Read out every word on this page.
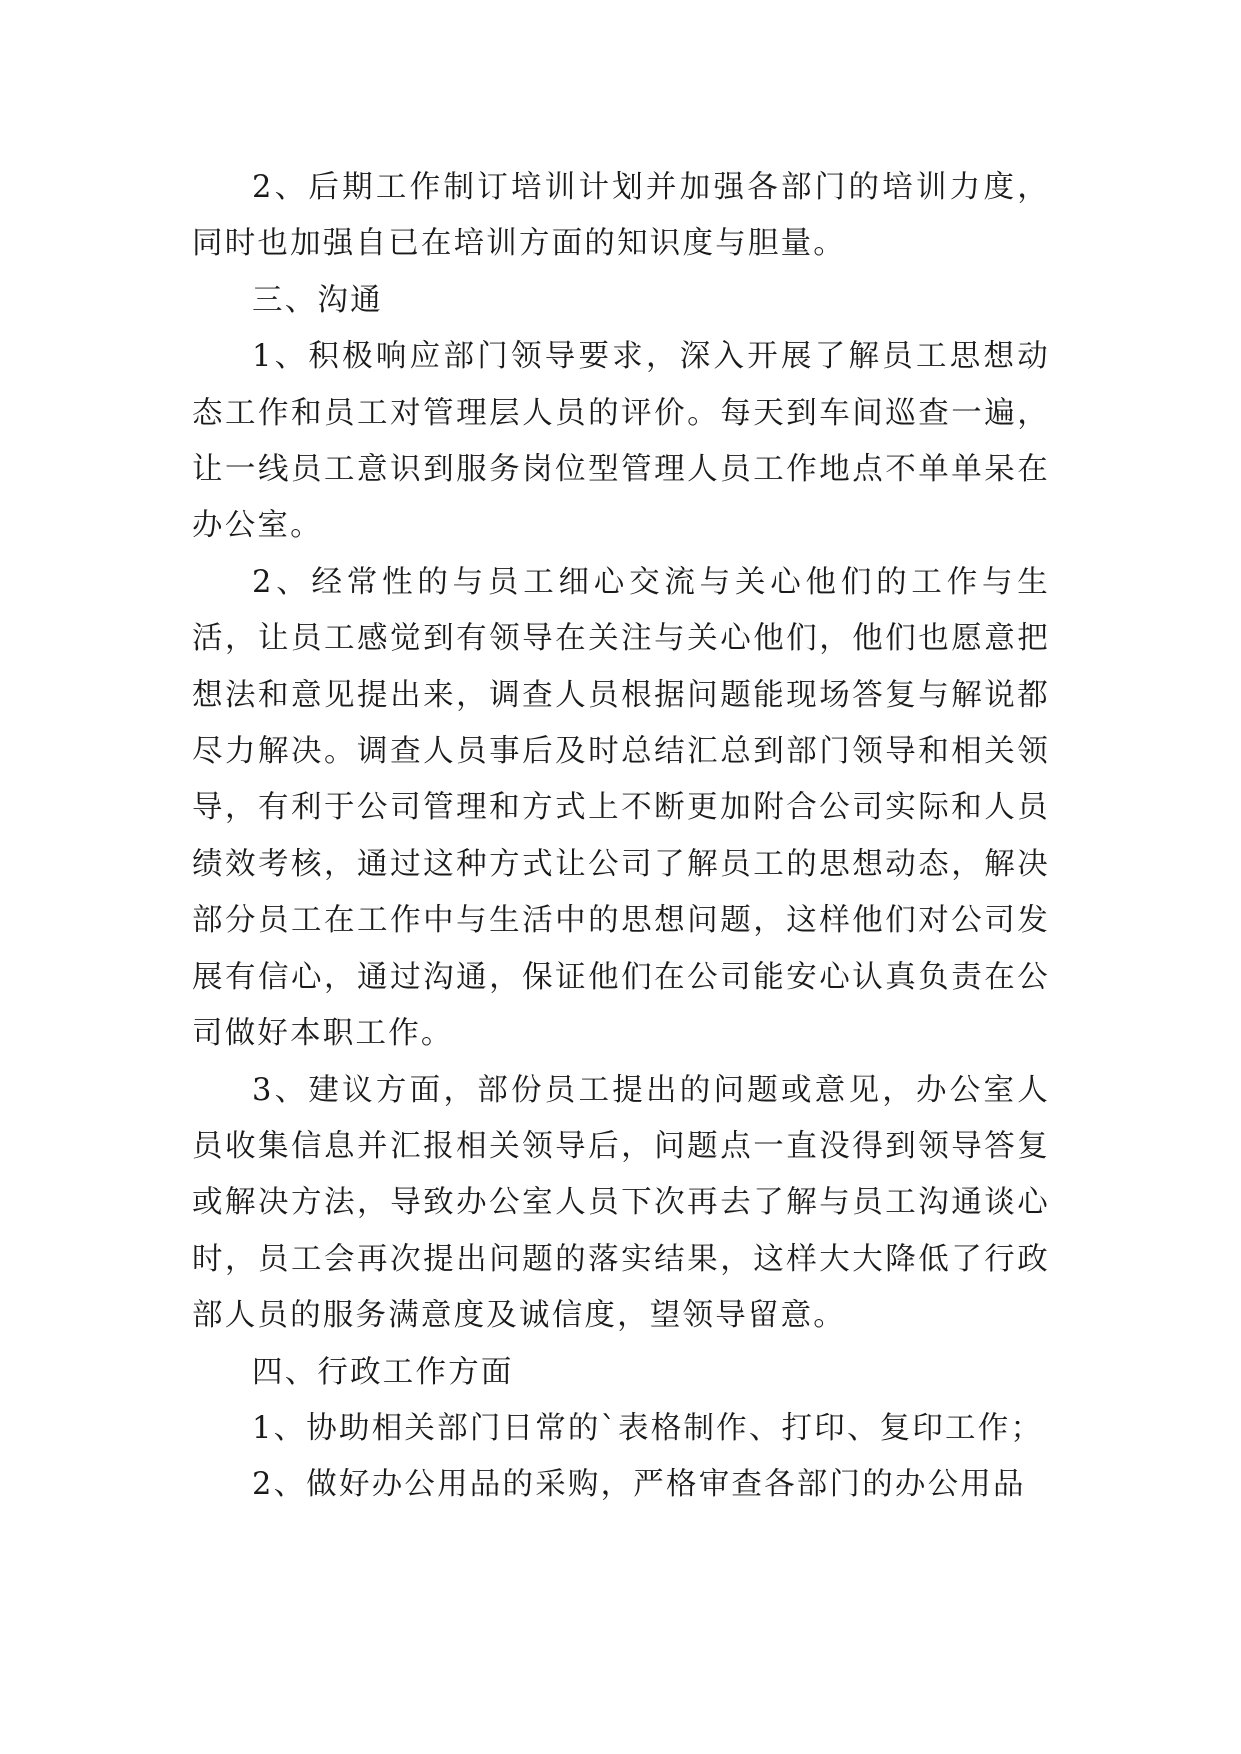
2、后期工作制订培训计划并加强各部门的培训力度，同时也加强自已在培训方面的知识度与胆量。

三、沟通

1、积极响应部门领导要求，深入开展了解员工思想动态工作和员工对管理层人员的评价。每天到车间巡查一遍，让一线员工意识到服务岗位型管理人员工作地点不单单呆在办公室。

2、经常性的与员工细心交流与关心他们的工作与生活，让员工感觉到有领导在关注与关心他们，他们也愿意把想法和意见提出来，调查人员根据问题能现场答复与解说都尽力解决。调查人员事后及时总结汇总到部门领导和相关领导，有利于公司管理和方式上不断更加附合公司实际和人员绩效考核，通过这种方式让公司了解员工的思想动态，解决部分员工在工作中与生活中的思想问题，这样他们对公司发展有信心，通过沟通，保证他们在公司能安心认真负责在公司做好本职工作。

3、建议方面，部份员工提出的问题或意见，办公室人员收集信息并汇报相关领导后，问题点一直没得到领导答复或解决方法，导致办公室人员下次再去了解与员工沟通谈心时，员工会再次提出问题的落实结果，这样大大降低了行政部人员的服务满意度及诚信度，望领导留意。

四、行政工作方面

1、协助相关部门日常的`表格制作、打印、复印工作；

2、做好办公用品的采购，严格审查各部门的办公用品
